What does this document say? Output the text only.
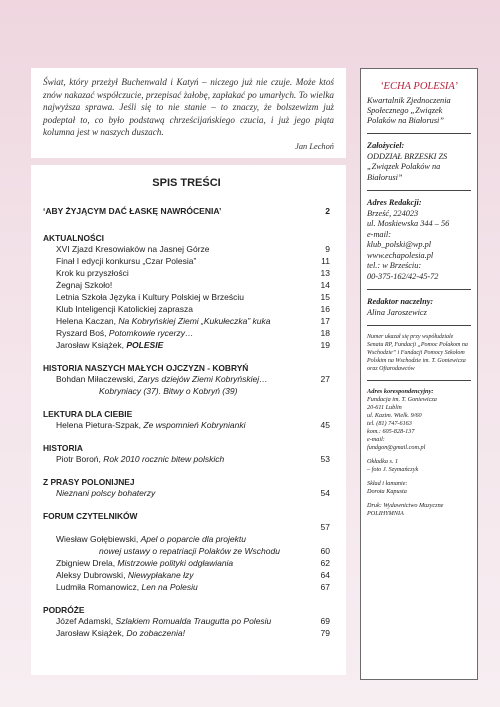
Świat, który przeżył Buchenwald i Katyń – niczego już nie czuje. Może ktoś znów nakazać współczucie, przepisać żałobę, zapłakać po umarłych. To wielka najwyższa sprawa. Jeśli się to nie stanie – to znaczy, że bolszewizm już podeptał to, co było podstawą chrześcijańskiego czucia, i już jego piąta kolumna jest w naszych duszach.
Jan Lechoń
SPIS TREŚCI
‘ABY ŻYJĄCYM DAĆ ŁASKĘ NAWRÓCENIA’	2
AKTUALNOŚCI
XVI Zjazd Kresowiaków na Jasnej Górze	9
Finał I edycji konkursu „Czar Polesia”	11
Krok ku przyszłości	13
Żegnaj Szkoło!	14
Letnia Szkoła Języka i Kultury Polskiej w Brześciu	15
Klub Inteligencji Katolickiej zaprasza	16
Helena Kaczan, Na Kobryńskiej Ziemi „Kukułeczka” kuka	17
Ryszard Boś, Potomkowie rycerzy…	18
Jarosław Książek, POLESIE	19
HISTORIA NASZYCH MAŁYCH OJCZYZN - KOBRYŃ
Bohdan Miłaczewski, Zarys dziejów Ziemi Kobryńskiej…	27
Kobryniacy (37). Bitwy o Kobryń (39)
LEKTURA DLA CIEBIE
Helena Pietura-Szpak, Ze wspomnień Kobrynianki	45
HISTORIA
Piotr Boroń, Rok 2010 rocznic bitew polskich	53
Z PRASY POLONIJNEJ
Nieznani polscy bohaterzy	54
FORUM CZYTELNIKÓW
57
Wiesław Gołębiewski, Apel o poparcie dla projektu
nowej ustawy o repatriacji Polaków ze Wschodu	60
Zbigniew Drela, Mistrzowie polityki odgławiania	62
Aleksy Dubrowski, Niewypłakane łzy	64
Ludmiła Romanowicz, Len na Polesiu	67
PODRÓŻE
Józef Adamski, Szlakiem Romualda Traugutta po Polesiu	69
Jarosław Książek, Do zobaczenia!	79
‘ECHA POLESIA’
Kwartalnik Zjednoczenia Społecznego „Związek Polaków na Białorusi”
Założyciel:
ODDZIAŁ BRZESKI ZS „Związek Polaków na Białorusi”
Adres Redakcji:
Brześć, 224023
ul. Moskiewska 344 – 56
e-mail:
klub_polski@wp.pl
www.echapolesia.pl
tel.: w Brześciu:
00-375-162/42-45-72
Redaktor naczelny:
Alina Jaroszewicz
Numer ukazał się przy współudziale Senatu RP, Fundacji „Pomoc Polakom na Wschodzie” i Fundacji Pomocy Szkołom Polskim na Wschodzie im. T. Goniewicza oraz Ofiarodawców
Adres korespondencyjny:
Fundacja im. T. Goniewicza
20-611 Lublin
ul. Kazim. Wielk. 9/60
tel. (81) 747-6163
kom.: 605-828-137
e-mail:
fundgon@gmail.com.pl
Okładka s. 1
– foto J. Szymańczyk
Skład i łamanie:
Dorota Kapusta
Druk: Wydawnictwo Muzyczne
POLIHYMNIA
